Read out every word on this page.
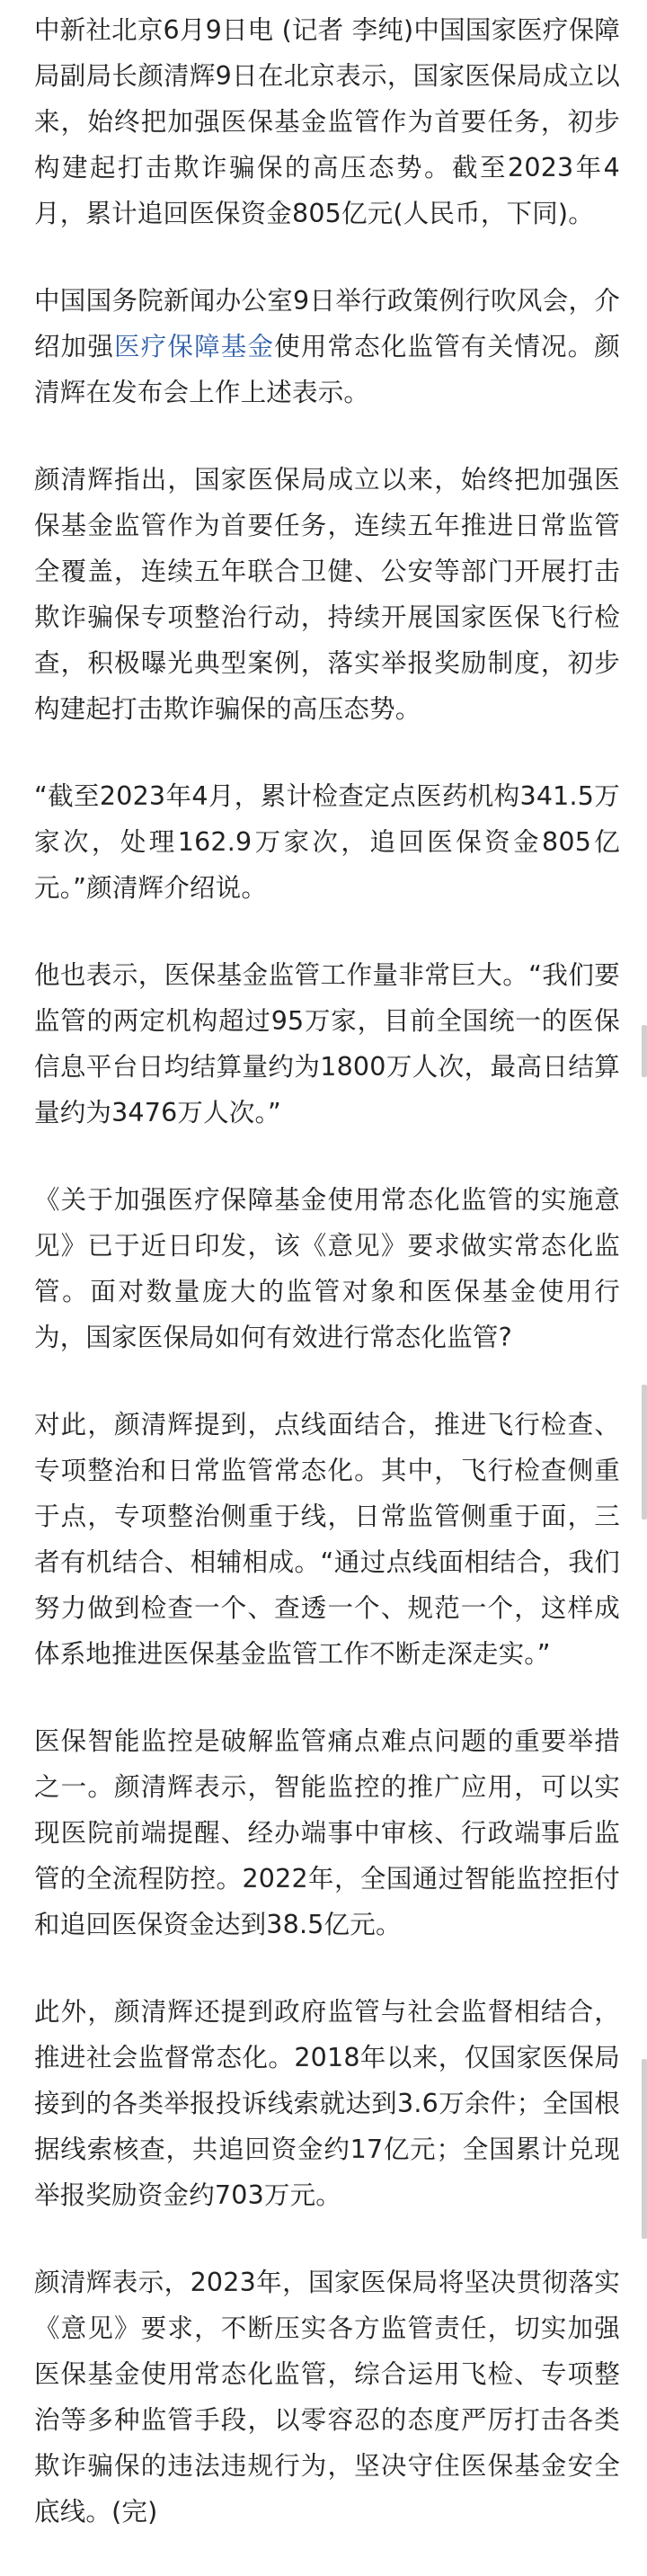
中新社北京6月9日电 (记者 李纯)中国国家医疗保障局副局长颜清辉9日在北京表示，国家医保局成立以来，始终把加强医保基金监管作为首要任务，初步构建起打击欺诈骗保的高压态势。截至2023年4月，累计追回医保资金805亿元(人民币，下同)。

中国国务院新闻办公室9日举行政策例行吹风会，介绍加强医疗保障基金使用常态化监管有关情况。颜清辉在发布会上作上述表示。

颜清辉指出，国家医保局成立以来，始终把加强医保基金监管作为首要任务，连续五年推进日常监管全覆盖，连续五年联合卫健、公安等部门开展打击欺诈骗保专项整治行动，持续开展国家医保飞行检查，积极曝光典型案例，落实举报奖励制度，初步构建起打击欺诈骗保的高压态势。

“截至2023年4月，累计检查定点医药机构341.5万家次，处理162.9万家次，追回医保资金805亿元。”颜清辉介绍说。

他也表示，医保基金监管工作量非常巨大。“我们要监管的两定机构超过95万家，目前全国统一的医保信息平台日均结算量约为1800万人次，最高日结算量约为3476万人次。”

《关于加强医疗保障基金使用常态化监管的实施意见》已于近日印发，该《意见》要求做实常态化监管。面对数量庞大的监管对象和医保基金使用行为，国家医保局如何有效进行常态化监管?

对此，颜清辉提到，点线面结合，推进飞行检查、专项整治和日常监管常态化。其中，飞行检查侧重于点，专项整治侧重于线，日常监管侧重于面，三者有机结合、相辅相成。“通过点线面相结合，我们努力做到检查一个、查透一个、规范一个，这样成体系地推进医保基金监管工作不断走深走实。”

医保智能监控是破解监管痛点难点问题的重要举措之一。颜清辉表示，智能监控的推广应用，可以实现医院前端提醒、经办端事中审核、行政端事后监管的全流程防控。2022年，全国通过智能监控拒付和追回医保资金达到38.5亿元。

此外，颜清辉还提到政府监管与社会监督相结合，推进社会监督常态化。2018年以来，仅国家医保局接到的各类举报投诉线索就达到3.6万余件；全国根据线索核查，共追回资金约17亿元；全国累计兑现举报奖励资金约703万元。

颜清辉表示，2023年，国家医保局将坚决贯彻落实《意见》要求，不断压实各方监管责任，切实加强医保基金使用常态化监管，综合运用飞检、专项整治等多种监管手段，以零容忍的态度严厉打击各类欺诈骗保的违法违规行为，坚决守住医保基金安全底线。(完)
